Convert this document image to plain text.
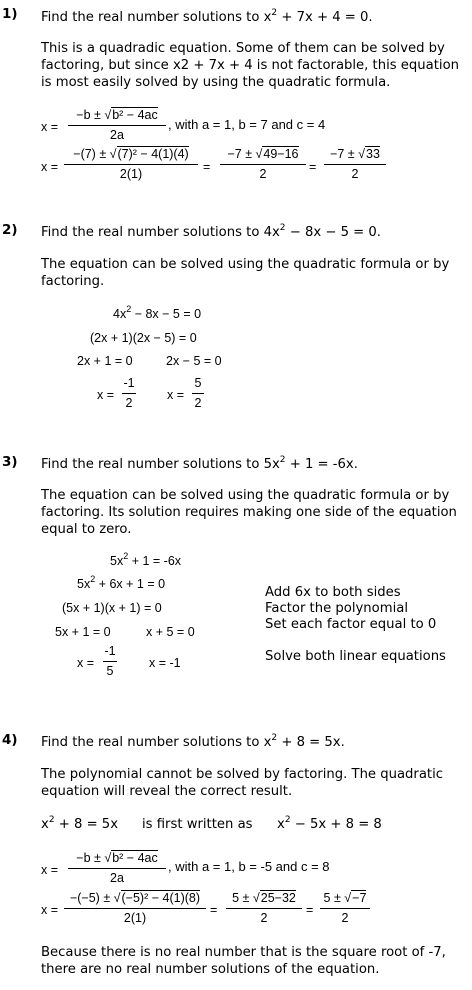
1) Find the real number solutions to $x^2 + 7x + 4 = 0$.
This is a quadradic equation. Some of them can be solved by factoring, but since x2 + 7x + 4 is not factorable, this equation is most easily solved by using the quadratic formula.
x =
−b ± √b² − 4ac
2a
, with a = 1, b = 7 and c = 4
x =
−(7) ± √(7)² − 4(1)(4)
2(1)	=
−7 ± √49−16
2	=
−7 ± √33
2
2) Find the real number solutions to $4x^2 - 8x - 5 = 0$.
The equation can be solved using the quadratic formula or by factoring.
$4x^2 - 8x - 5 = 0$
(2x + 1)(2x − 5) = 0
2x + 1 = 0	2x − 5 = 0
x =
-1
2
x =
5
2
3) Find the real number solutions to $5x^2 + 1 = -6x$.
The equation can be solved using the quadratic formula or by factoring. Its solution requires making one side of the equation equal to zero.
$5x^2 + 1 = -6x$
$5x^2 + 6x + 1 = 0$
(5x + 1)(x + 1) = 0
5x + 1 = 0	x + 5 = 0
x =
-1
5
x = -1
Add 6x to both sides
Factor the polynomial
Set each factor equal to 0
Solve both linear equations
4) Find the real number solutions to $x^2 + 8 = 5x$.
The polynomial cannot be solved by factoring. The quadratic equation will reveal the correct result.
$x^2 + 8 = 5x$ is first written as $x^2 - 5x + 8 = 8$
x =
−b ± √b² − 4ac
2a
, with a = 1, b = -5 and c = 8
x =
−(−5) ± √(−5)² − 4(1)(8)
2(1)
=
5 ± √25−32
2
=
5 ± √−7
2
Because there is no real number that is the square root of -7, there are no real number solutions of the equation.
